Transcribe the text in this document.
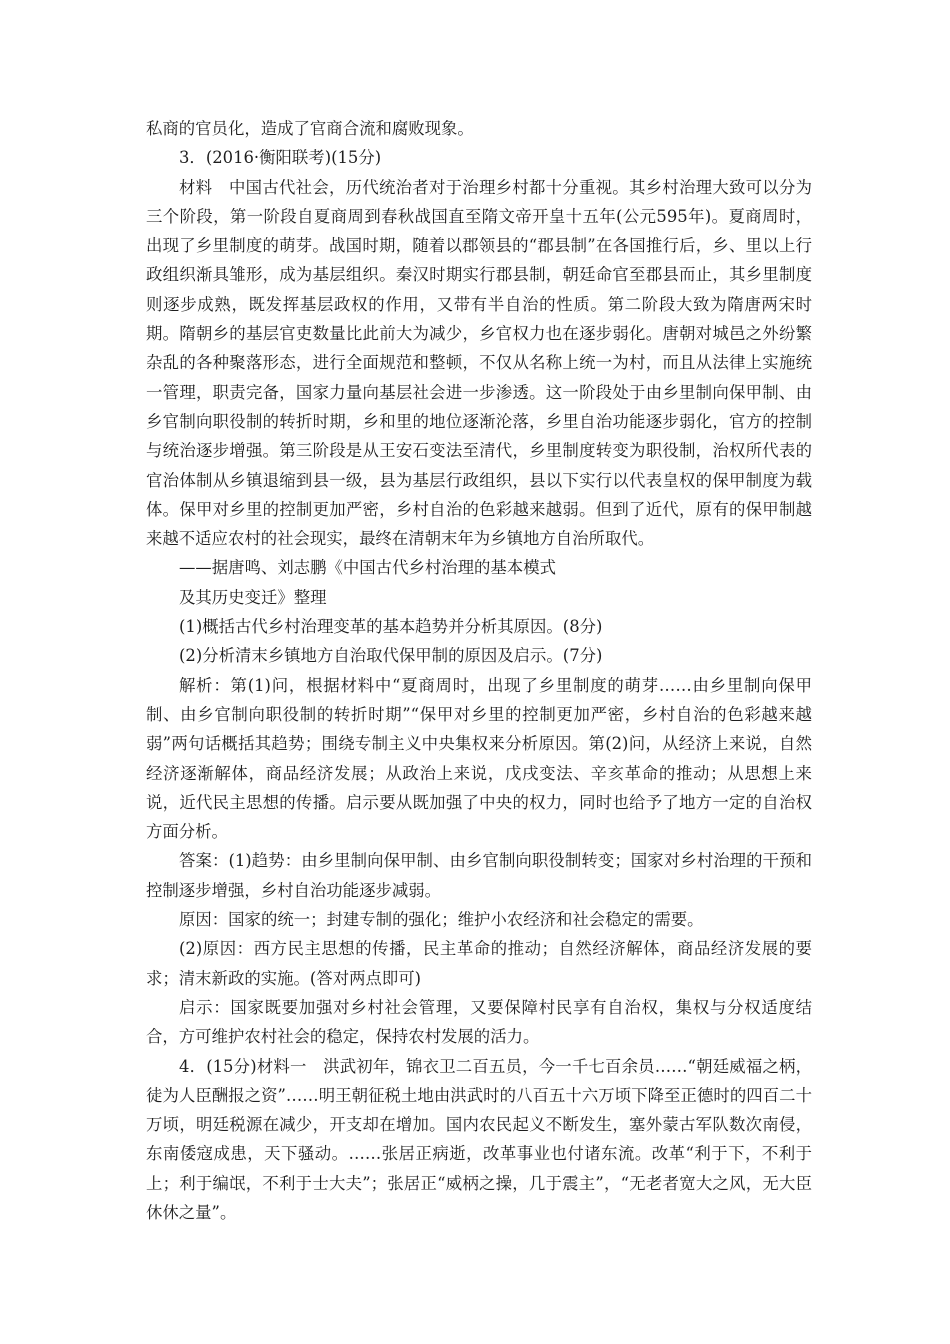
私商的官员化，造成了官商合流和腐败现象。

3．(2016·衡阳联考)(15分)

材料　中国古代社会，历代统治者对于治理乡村都十分重视。其乡村治理大致可以分为三个阶段，第一阶段自夏商周到春秋战国直至隋文帝开皇十五年(公元595年)。夏商周时，出现了乡里制度的萌芽。战国时期，随着以郡领县的“郡县制”在各国推行后，乡、里以上行政组织渐具雏形，成为基层组织。秦汉时期实行郡县制，朝廷命官至郡县而止，其乡里制度则逐步成熟，既发挥基层政权的作用，又带有半自治的性质。第二阶段大致为隋唐两宋时期。隋朝乡的基层官吏数量比此前大为减少，乡官权力也在逐步弱化。唐朝对城邑之外纷繁杂乱的各种聚落形态，进行全面规范和整顿，不仅从名称上统一为村，而且从法律上实施统一管理，职责完备，国家力量向基层社会进一步渗透。这一阶段处于由乡里制向保甲制、由乡官制向职役制的转折时期，乡和里的地位逐渐沦落，乡里自治功能逐步弱化，官方的控制与统治逐步增强。第三阶段是从王安石变法至清代，乡里制度转变为职役制，治权所代表的官治体制从乡镇退缩到县一级，县为基层行政组织，县以下实行以代表皇权的保甲制度为载体。保甲对乡里的控制更加严密，乡村自治的色彩越来越弱。但到了近代，原有的保甲制越来越不适应农村的社会现实，最终在清朝末年为乡镇地方自治所取代。

——据唐鸣、刘志鹏《中国古代乡村治理的基本模式

及其历史变迁》整理

(1)概括古代乡村治理变革的基本趋势并分析其原因。(8分)

(2)分析清末乡镇地方自治取代保甲制的原因及启示。(7分)

解析：第(1)问，根据材料中“夏商周时，出现了乡里制度的萌芽……由乡里制向保甲制、由乡官制向职役制的转折时期”“保甲对乡里的控制更加严密，乡村自治的色彩越来越弱”两句话概括其趋势；围绕专制主义中央集权来分析原因。第(2)问，从经济上来说，自然经济逐渐解体，商品经济发展；从政治上来说，戊戌变法、辛亥革命的推动；从思想上来说，近代民主思想的传播。启示要从既加强了中央的权力，同时也给予了地方一定的自治权方面分析。

答案：(1)趋势：由乡里制向保甲制、由乡官制向职役制转变；国家对乡村治理的干预和控制逐步增强，乡村自治功能逐步减弱。

原因：国家的统一；封建专制的强化；维护小农经济和社会稳定的需要。

(2)原因：西方民主思想的传播，民主革命的推动；自然经济解体，商品经济发展的要求；清末新政的实施。(答对两点即可)

启示：国家既要加强对乡村社会管理，又要保障村民享有自治权，集权与分权适度结合，方可维护农村社会的稳定，保持农村发展的活力。

4．(15分)材料一　洪武初年，锦衣卫二百五员，今一千七百余员……“朝廷威福之柄，徒为人臣酬报之资”……明王朝征税土地由洪武时的八百五十六万顷下降至正德时的四百二十万顷，明廷税源在减少，开支却在增加。国内农民起义不断发生，塞外蒙古军队数次南侵，东南倭寇成患，天下骚动。……张居正病逝，改革事业也付诸东流。改革“利于下，不利于上；利于编氓，不利于士大夫”；张居正“威柄之操，几于震主”，“无老者宽大之风，无大臣休休之量”。
